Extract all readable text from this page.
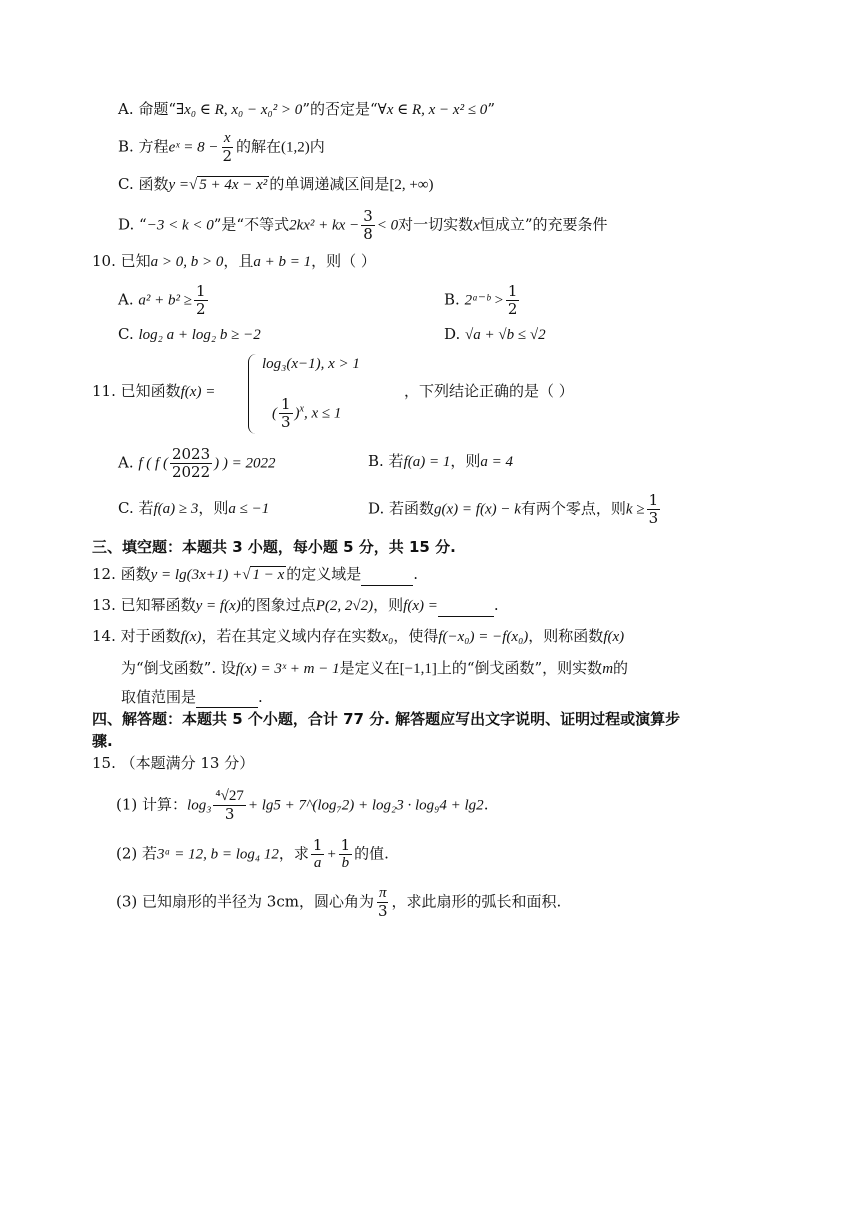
A. 命题“∃x₀ ∈ R, x₀ − x₀² > 0”的否定是“∀x ∈ R, x − x² ≤ 0”
B. 方程eˣ = $8 - \frac{x}{2}$ 的解在(1,2)内
C. 函数y =√ 5 + 4x − x² 的单调递减区间是[2, +∞)
D. “−3 < k < 0”是“不等式2kx² + kx − $\frac{3}{8} < 0$对一切实数x恒成立”的充要条件
10. 已知a > 0, b > 0，且a + b = 1，则（ ）
A. $a^2 + b^2 \ge \frac{1}{2}$	B. 2ᵃ⁻ᵇ > $\frac{1}{2}$
C. log₂ a + log₂ b ≥ −2	D. √a + √b ≤ √2
11. 已知函数f(x) =
log₃(x−1), x > 1
( $\frac{1}{3} )^x$, x ≤ 1
，下列结论正确的是（ ）
A. f ( f ( $\frac{2023}{2022}$ ) ) = 2022	B. 若f(a) = 1，则a = 4
C. 若f(a) ≥ 3，则a ≤ −1	D. 若函数g(x) = f(x) − k有两个零点，则$k \ge \frac{1}{3}$
三、填空题：本题共 3 小题，每小题 5 分，共 15 分.
12. 函数y = lg(3x+1) +√ 1 − x 的定义域是	.
13. 已知幂函数y = f(x)的图象过点P(2, 2√2)，则f(x) =	.
14. 对于函数f(x)，若在其定义域内存在实数x₀，使得f(−x₀) = −f(x₀)，则称函数f(x)
为“倒戈函数”. 设f(x) = 3ˣ + m − 1是定义在[−1,1]上的“倒戈函数”，则实数m的
取值范围是	.
四、解答题：本题共 5 个小题，合计 77 分. 解答题应写出文字说明、证明过程或演算步
骤.
15. （本题满分 13 分）
(1) 计算：$\log_3 \frac{\text{⁴√27}}{3} + \lg 5$ + 7^(log₇2) + log₂3 · log₉4 + lg2.
(2) 若3ᵃ = 12, b = log₄ 12，求 $\frac{1}{a} + \frac{1}{b}$ 的值.
(3) 已知扇形的半径为 3cm，圆心角为 $\frac{\pi}{3}$ ，求此扇形的弧长和面积.
